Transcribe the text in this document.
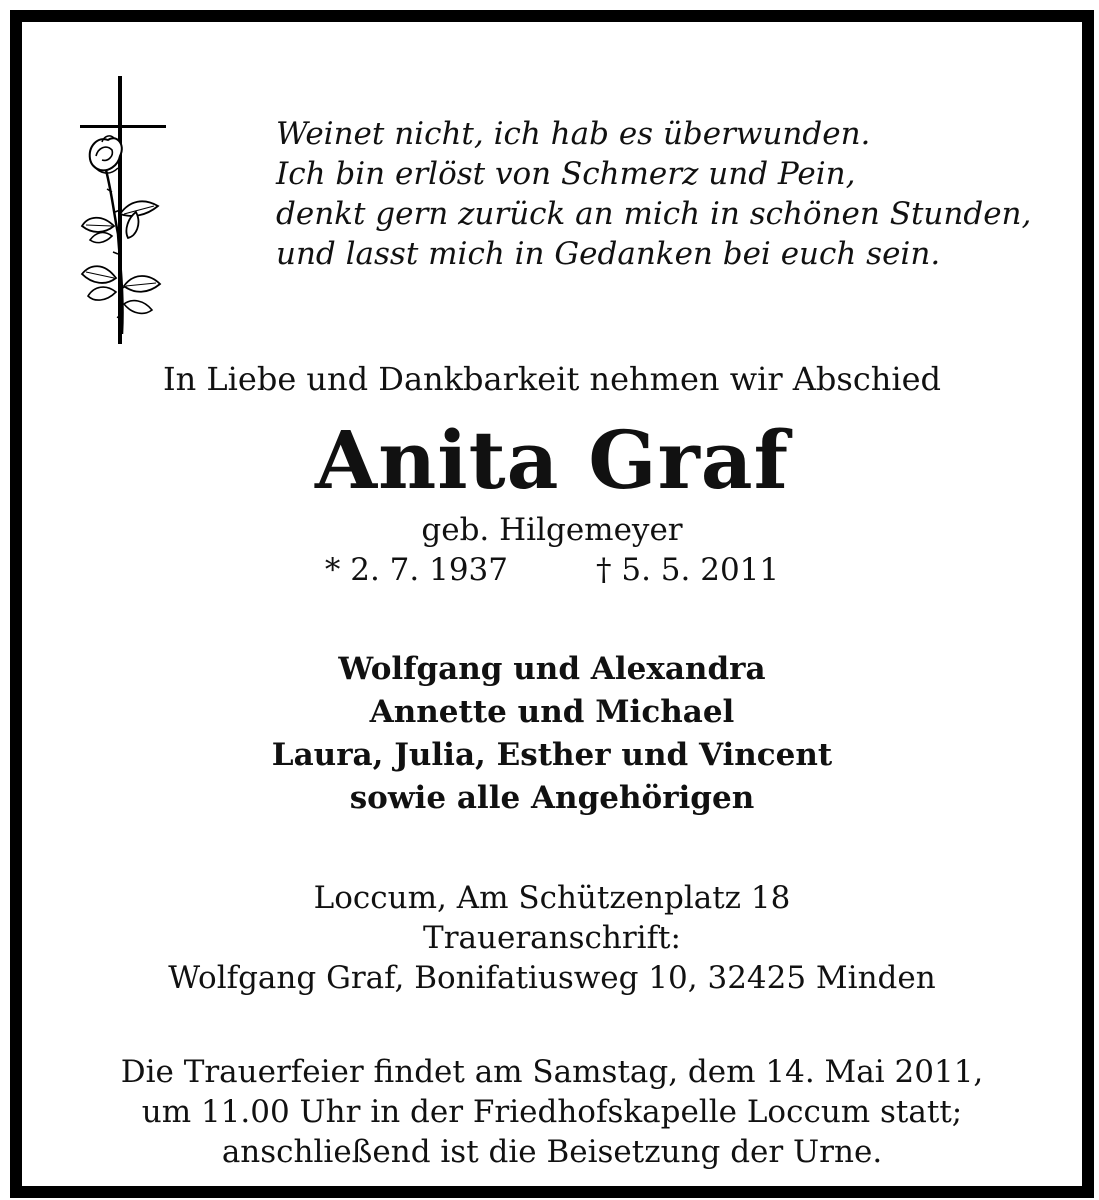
Weinet nicht, ich hab es überwunden.
Ich bin erlöst von Schmerz und Pein,
denkt gern zurück an mich in schönen Stunden,
und lasst mich in Gedanken bei euch sein.
In Liebe und Dankbarkeit nehmen wir Abschied
Anita Graf
geb. Hilgemeyer
* 2. 7. 1937	† 5. 5. 2011
Wolfgang und Alexandra
Annette und Michael
Laura, Julia, Esther und Vincent
sowie alle Angehörigen
Loccum, Am Schützenplatz 18
Traueranschrift:
Wolfgang Graf, Bonifatiusweg 10, 32425 Minden
Die Trauerfeier findet am Samstag, dem 14. Mai 2011,
um 11.00 Uhr in der Friedhofskapelle Loccum statt;
anschließend ist die Beisetzung der Urne.
